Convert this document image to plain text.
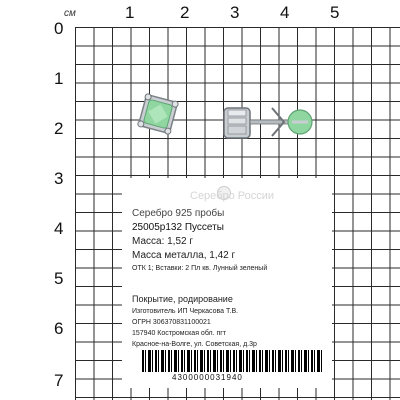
см	1	2 3 4 5
0
1
2
3
4
5
6
7
Серебро России
Серебро 925 пробы
25005р132 Пуссеты
Масса: 1,52 г
Масса металла, 1,42 г
ОТК 1; Вставки: 2 Пл кв. Лунный зеленый
Покрытие, родирование
Изготовитель ИП Черкасова Т.В.
ОГРН 306370831100021
157940 Костромская обл. пгт
Красное-на-Волге, ул. Советская, д.3р
4300000031940
